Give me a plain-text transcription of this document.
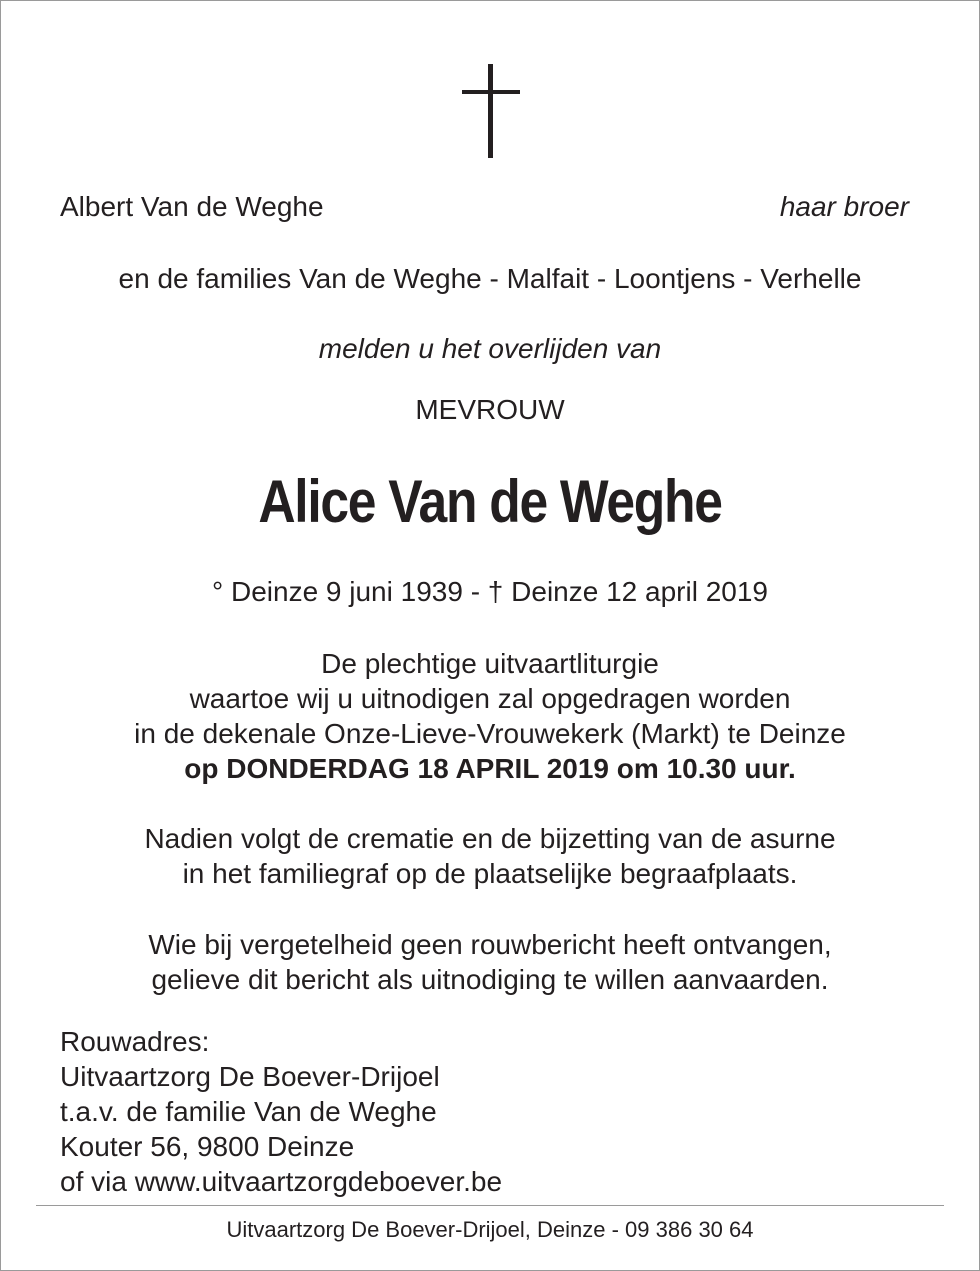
Albert Van de Weghe	haar broer
en de families Van de Weghe - Malfait - Loontjens - Verhelle
melden u het overlijden van
MEVROUW
Alice Van de Weghe
° Deinze 9 juni 1939 - † Deinze 12 april 2019
De plechtige uitvaartliturgie
waartoe wij u uitnodigen zal opgedragen worden
in de dekenale Onze-Lieve-Vrouwekerk (Markt) te Deinze
op DONDERDAG 18 APRIL 2019 om 10.30 uur.
Nadien volgt de crematie en de bijzetting van de asurne
in het familiegraf op de plaatselijke begraafplaats.
Wie bij vergetelheid geen rouwbericht heeft ontvangen,
gelieve dit bericht als uitnodiging te willen aanvaarden.
Rouwadres:
Uitvaartzorg De Boever-Drijoel
t.a.v. de familie Van de Weghe
Kouter 56, 9800 Deinze
of via www.uitvaartzorgdeboever.be
Uitvaartzorg De Boever-Drijoel, Deinze - 09 386 30 64
